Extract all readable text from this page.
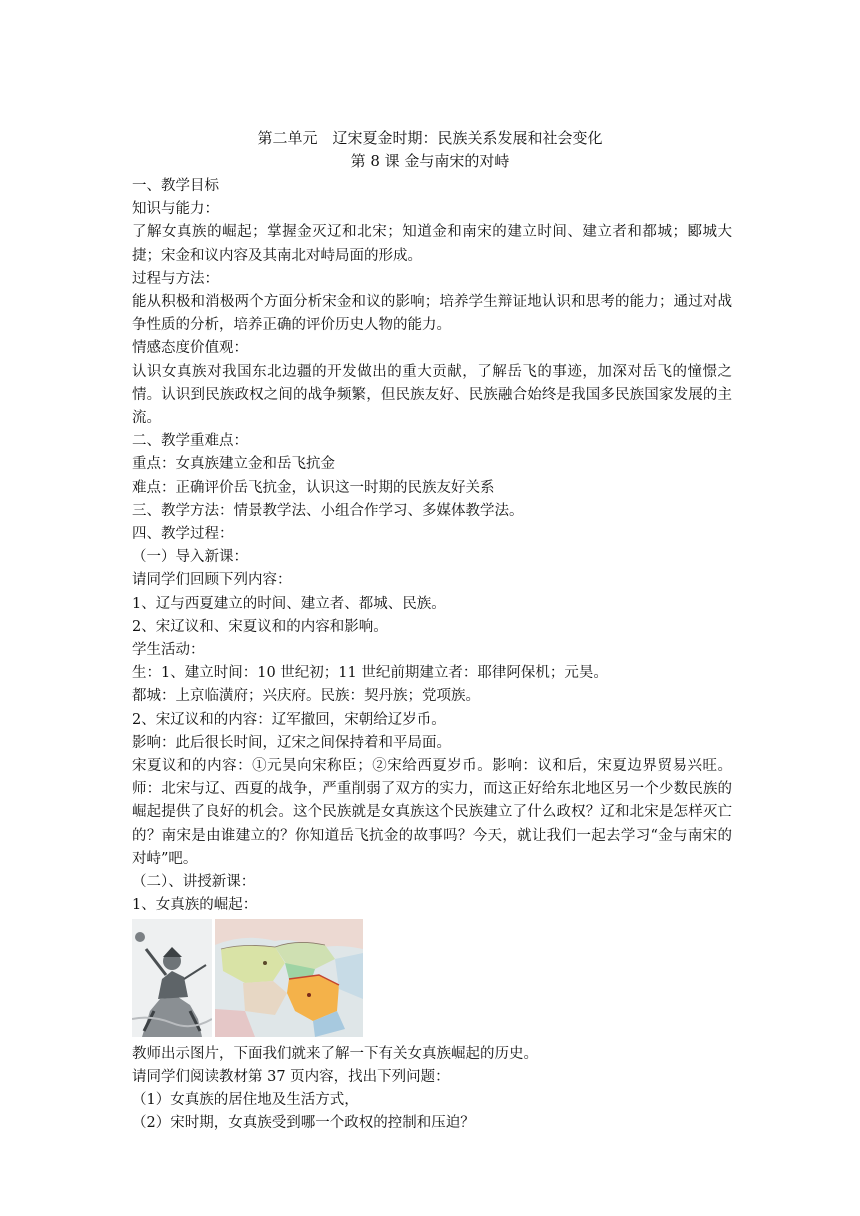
第二单元　辽宋夏金时期：民族关系发展和社会变化
第 8 课 金与南宋的对峙

一、教学目标

知识与能力：

了解女真族的崛起；掌握金灭辽和北宋；知道金和南宋的建立时间、建立者和都城；郾城大捷；宋金和议内容及其南北对峙局面的形成。

过程与方法：

能从积极和消极两个方面分析宋金和议的影响；培养学生辩证地认识和思考的能力；通过对战争性质的分析，培养正确的评价历史人物的能力。

情感态度价值观：

认识女真族对我国东北边疆的开发做出的重大贡献，了解岳飞的事迹，加深对岳飞的憧憬之情。认识到民族政权之间的战争频繁，但民族友好、民族融合始终是我国多民族国家发展的主流。

二、教学重难点：

重点：女真族建立金和岳飞抗金

难点：正确评价岳飞抗金，认识这一时期的民族友好关系

三、教学方法：情景教学法、小组合作学习、多媒体教学法。

四、教学过程：

（一）导入新课：

请同学们回顾下列内容：

1、辽与西夏建立的时间、建立者、都城、民族。

2、宋辽议和、宋夏议和的内容和影响。

学生活动：

生：1、建立时间：10 世纪初；11 世纪前期建立者：耶律阿保机；元昊。

都城：上京临潢府；兴庆府。民族：契丹族；党项族。

2、宋辽议和的内容：辽军撤回，宋朝给辽岁币。

影响：此后很长时间，辽宋之间保持着和平局面。

宋夏议和的内容：①元昊向宋称臣；②宋给西夏岁币。影响：议和后，宋夏边界贸易兴旺。师：北宋与辽、西夏的战争，严重削弱了双方的实力，而这正好给东北地区另一个少数民族的崛起提供了良好的机会。这个民族就是女真族这个民族建立了什么政权？辽和北宋是怎样灭亡的？南宋是由谁建立的？你知道岳飞抗金的故事吗？今天，就让我们一起去学习“金与南宋的对峙”吧。

（二）、讲授新课：

1、女真族的崛起：

教师出示图片，下面我们就来了解一下有关女真族崛起的历史。

请同学们阅读教材第 37 页内容，找出下列问题：

（1）女真族的居住地及生活方式，

（2）宋时期，女真族受到哪一个政权的控制和压迫？
